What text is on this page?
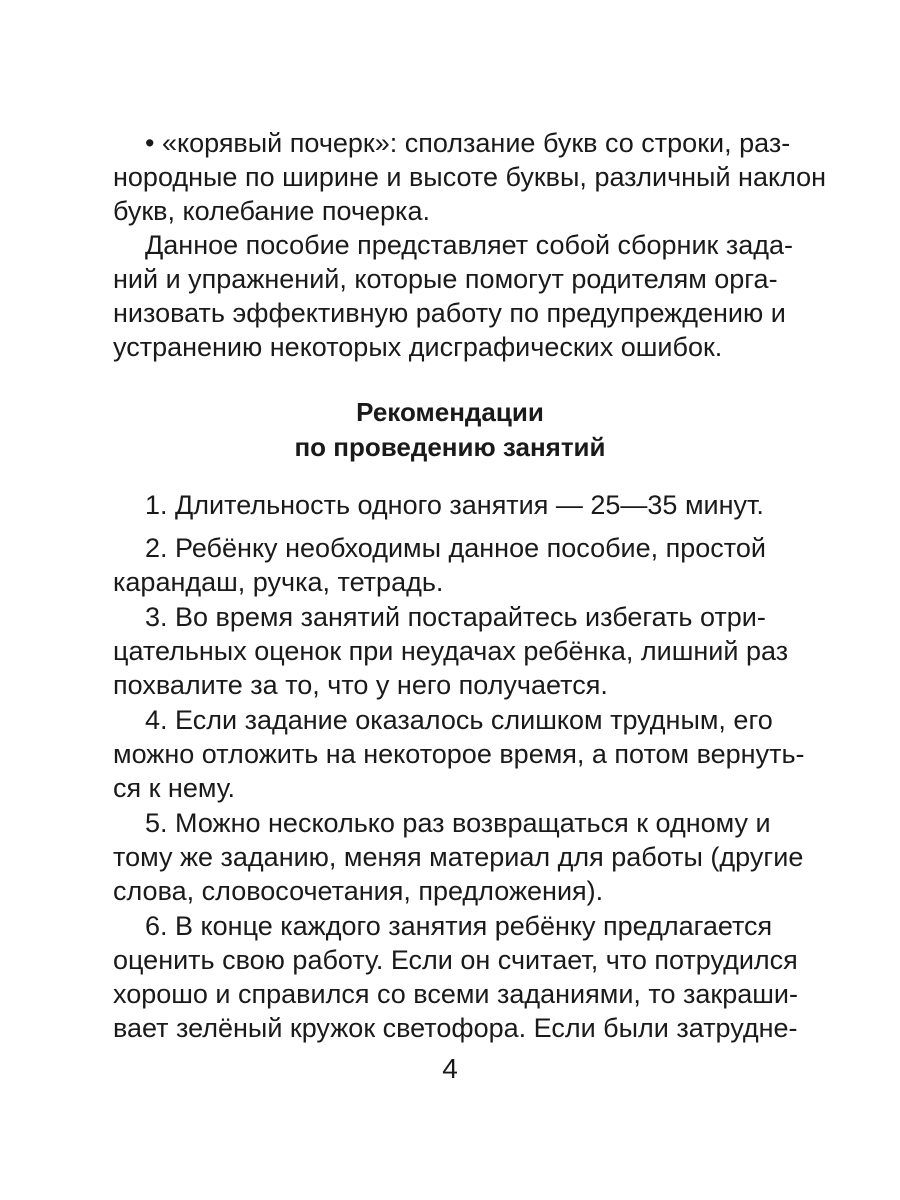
• «корявый почерк»: сползание букв со строки, раз-
нородные по ширине и высоте буквы, различный наклон
букв, колебание почерка.
Данное пособие представляет собой сборник зада-
ний и упражнений, которые помогут родителям орга-
низовать эффективную работу по предупреждению и
устранению некоторых дисграфических ошибок.
Рекомендации
по проведению занятий
1. Длительность одного занятия — 25—35 минут.
2. Ребёнку необходимы данное пособие, простой
карандаш, ручка, тетрадь.
3. Во время занятий постарайтесь избегать отри-
цательных оценок при неудачах ребёнка, лишний раз
похвалите за то, что у него получается.
4. Если задание оказалось слишком трудным, его
можно отложить на некоторое время, а потом вернуть-
ся к нему.
5. Можно несколько раз возвращаться к одному и
тому же заданию, меняя материал для работы (другие
слова, словосочетания, предложения).
6. В конце каждого занятия ребёнку предлагается
оценить свою работу. Если он считает, что потрудился
хорошо и справился со всеми заданиями, то закраши-
вает зелёный кружок светофора. Если были затрудне-
4
